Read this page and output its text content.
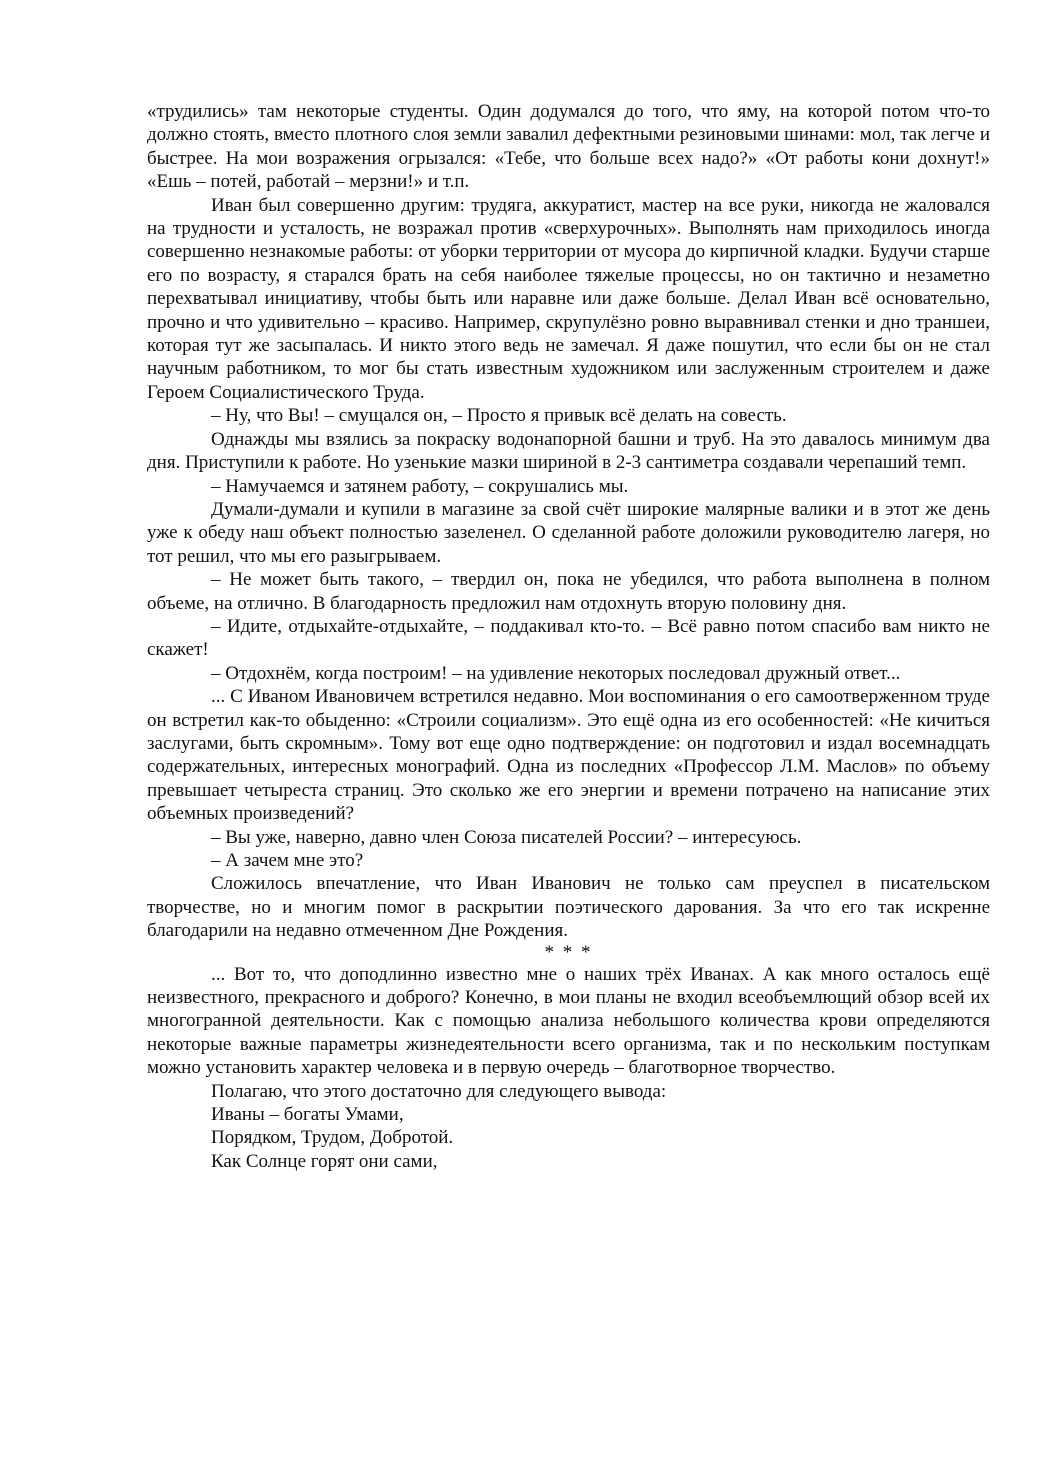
«трудились» там некоторые студенты. Один додумался до того, что яму, на которой потом что-то должно стоять, вместо плотного слоя земли завалил дефектными резиновыми шинами: мол, так легче и быстрее. На мои возражения огрызался: «Тебе, что больше всех надо?» «От работы кони дохнут!» «Ешь – потей, работай – мерзни!» и т.п.

Иван был совершенно другим: трудяга, аккуратист, мастер на все руки, никогда не жаловался на трудности и усталость, не возражал против «сверхурочных». Выполнять нам приходилось иногда совершенно незнакомые работы: от уборки территории от мусора до кирпичной кладки. Будучи старше его по возрасту, я старался брать на себя наиболее тяжелые процессы, но он тактично и незаметно перехватывал инициативу, чтобы быть или наравне или даже больше. Делал Иван всё основательно, прочно и что удивительно – красиво. Например, скрупулёзно ровно выравнивал стенки и дно траншеи, которая тут же засыпалась. И никто этого ведь не замечал. Я даже пошутил, что если бы он не стал научным работником, то мог бы стать известным художником или заслуженным строителем и даже Героем Социалистического Труда.

– Ну, что Вы! – смущался он, – Просто я привык всё делать на совесть.

Однажды мы взялись за покраску водонапорной башни и труб. На это давалось минимум два дня. Приступили к работе. Но узенькие мазки шириной в 2-3 сантиметра создавали черепаший темп.

– Намучаемся и затянем работу, – сокрушались мы.

Думали-думали и купили в магазине за свой счёт широкие малярные валики и в этот же день уже к обеду наш объект полностью зазеленел. О сделанной работе доложили руководителю лагеря, но тот решил, что мы его разыгрываем.

– Не может быть такого, – твердил он, пока не убедился, что работа выполнена в полном объеме, на отлично. В благодарность предложил нам отдохнуть вторую половину дня.

– Идите, отдыхайте-отдыхайте, – поддакивал кто-то. – Всё равно потом спасибо вам никто не скажет!

– Отдохнём, когда построим! – на удивление некоторых последовал дружный ответ...

... С Иваном Ивановичем встретился недавно. Мои воспоминания о его самоотверженном труде он встретил как-то обыденно: «Строили социализм». Это ещё одна из его особенностей: «Не кичиться заслугами, быть скромным». Тому вот еще одно подтверждение: он подготовил и издал восемнадцать содержательных, интересных монографий. Одна из последних «Профессор Л.М. Маслов» по объему превышает четыреста страниц. Это сколько же его энергии и времени потрачено на написание этих объемных произведений?

– Вы уже, наверно, давно член Союза писателей России? – интересуюсь.

– А зачем мне это?

Сложилось впечатление, что Иван Иванович не только сам преуспел в писательском творчестве, но и многим помог в раскрытии поэтического дарования. За что его так искренне благодарили на недавно отмеченном Дне Рождения.

* * *

... Вот то, что доподлинно известно мне о наших трёх Иванах. А как много осталось ещё неизвестного, прекрасного и доброго? Конечно, в мои планы не входил всеобъемлющий обзор всей их многогранной деятельности. Как с помощью анализа небольшого количества крови определяются некоторые важные параметры жизнедеятельности всего организма, так и по нескольким поступкам можно установить характер человека и в первую очередь – благотворное творчество.

Полагаю, что этого достаточно для следующего вывода:

Иваны – богаты Умами,

Порядком, Трудом, Добротой.

Как Солнце горят они сами,
